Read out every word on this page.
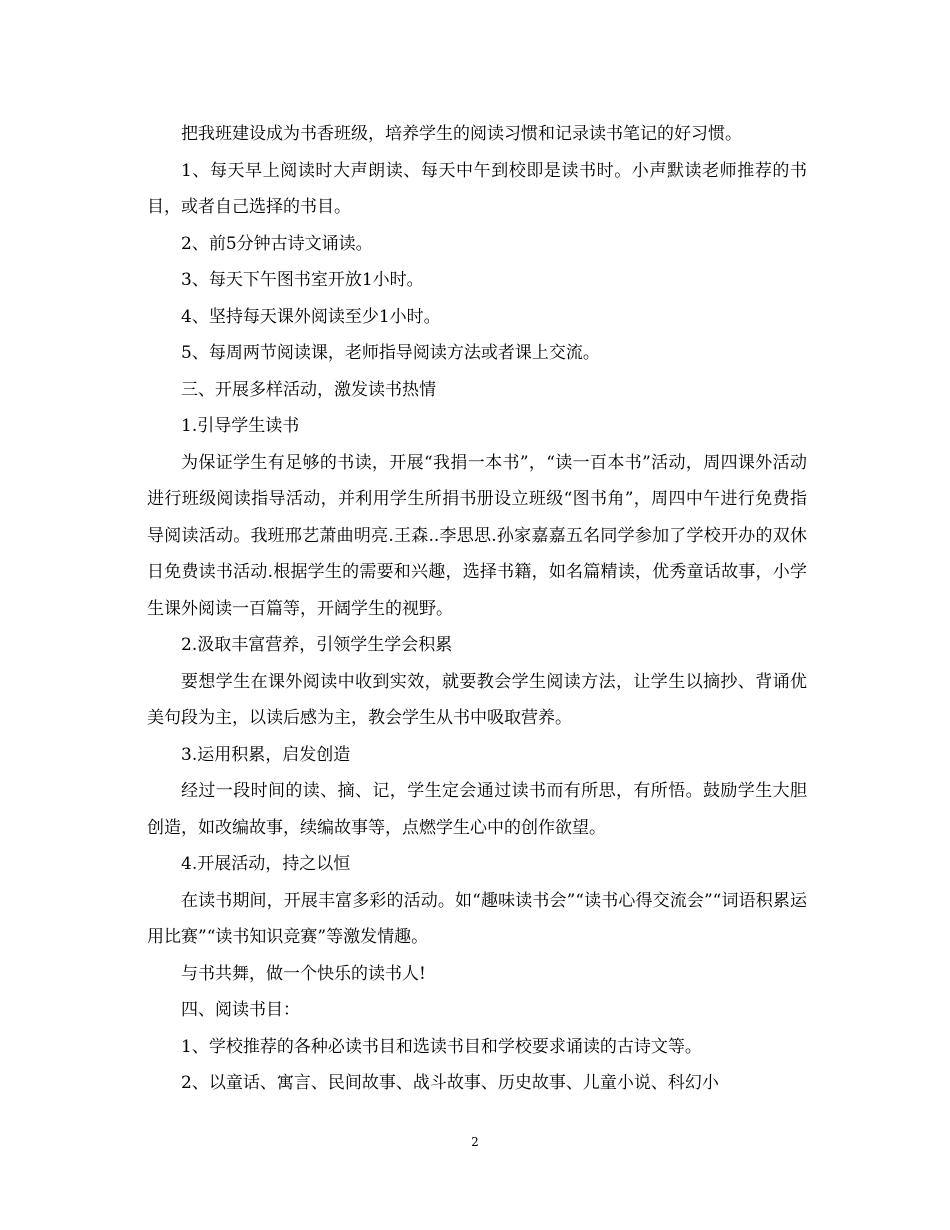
把我班建设成为书香班级，培养学生的阅读习惯和记录读书笔记的好习惯。

1、每天早上阅读时大声朗读、每天中午到校即是读书时。小声默读老师推荐的书目，或者自己选择的书目。

2、前5分钟古诗文诵读。

3、每天下午图书室开放1小时。

4、坚持每天课外阅读至少1小时。

5、每周两节阅读课，老师指导阅读方法或者课上交流。

三、开展多样活动，激发读书热情

1.引导学生读书

为保证学生有足够的书读，开展“我捐一本书”，“读一百本书”活动，周四课外活动进行班级阅读指导活动，并利用学生所捐书册设立班级“图书角”，周四中午进行免费指导阅读活动。我班邢艺萧曲明亮.王森..李思思.孙家嘉嘉五名同学参加了学校开办的双休日免费读书活动.根据学生的需要和兴趣，选择书籍，如名篇精读，优秀童话故事，小学生课外阅读一百篇等，开阔学生的视野。

2.汲取丰富营养，引领学生学会积累

要想学生在课外阅读中收到实效，就要教会学生阅读方法，让学生以摘抄、背诵优美句段为主，以读后感为主，教会学生从书中吸取营养。

3.运用积累，启发创造

经过一段时间的读、摘、记，学生定会通过读书而有所思，有所悟。鼓励学生大胆创造，如改编故事，续编故事等，点燃学生心中的创作欲望。

4.开展活动，持之以恒

在读书期间，开展丰富多彩的活动。如“趣味读书会”“读书心得交流会”“词语积累运用比赛”“读书知识竞赛”等激发情趣。

与书共舞，做一个快乐的读书人!

四、阅读书目：

1、学校推荐的各种必读书目和选读书目和学校要求诵读的古诗文等。

2、以童话、寓言、民间故事、战斗故事、历史故事、儿童小说、科幻小

2
